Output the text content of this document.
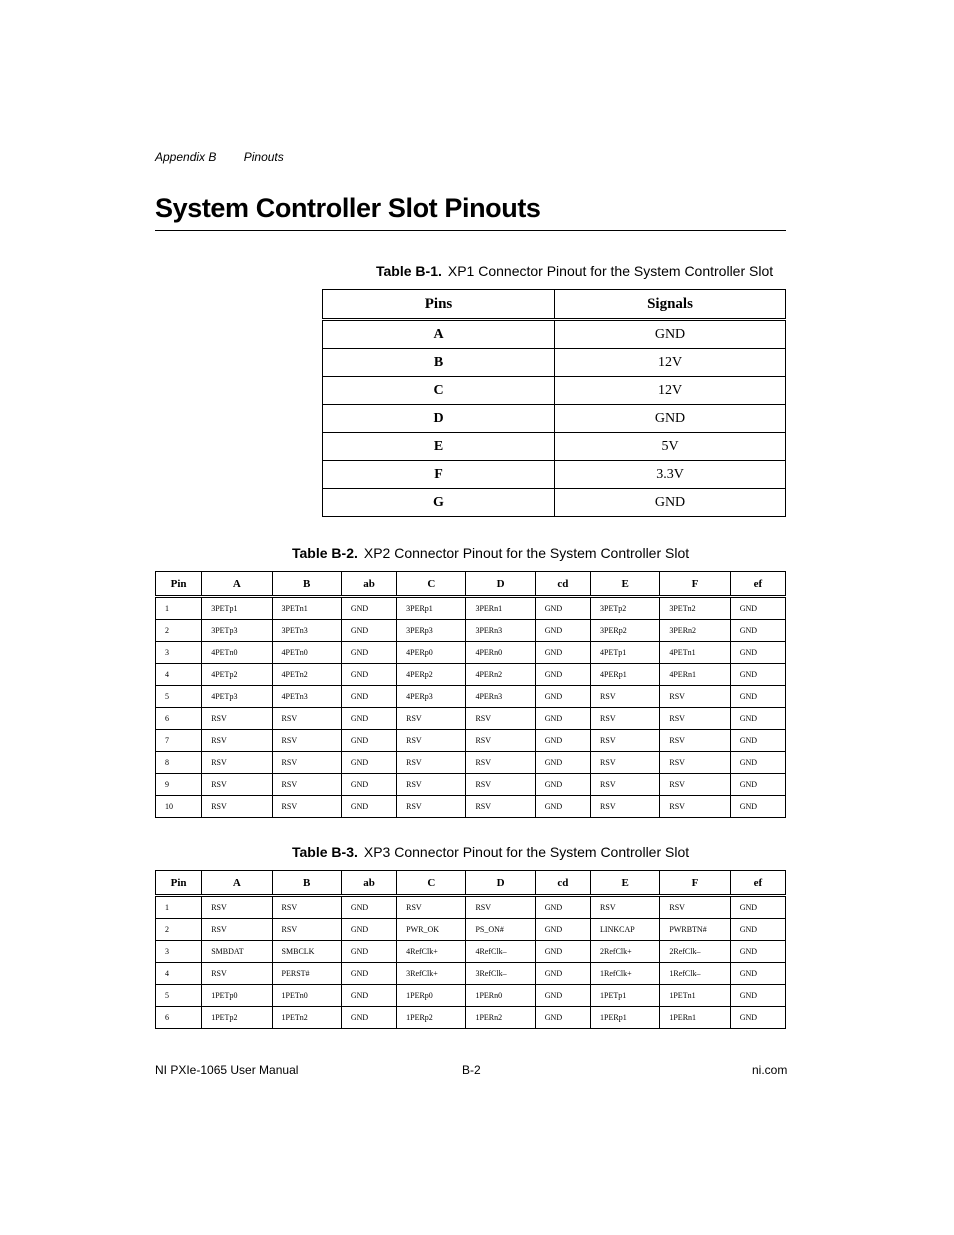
Appendix B Pinouts
System Controller Slot Pinouts
Table B-1. XP1 Connector Pinout for the System Controller Slot
Pins	Signals
A	GND
B	12V
C	12V
D	GND
E	5V
F	3.3V
G	GND
Table B-2. XP2 Connector Pinout for the System Controller Slot
Pin	A	B	ab	C	D	cd	E	F	ef
1	3PETp1	3PETn1	GND	3PERp1	3PERn1	GND	3PETp2	3PETn2	GND
2	3PETp3	3PETn3	GND	3PERp3	3PERn3	GND	3PERp2	3PERn2	GND
3	4PETn0	4PETn0	GND	4PERp0	4PERn0	GND	4PETp1	4PETn1	GND
4	4PETp2	4PETn2	GND	4PERp2	4PERn2	GND	4PERp1	4PERn1	GND
5	4PETp3	4PETn3	GND	4PERp3	4PERn3	GND	RSV	RSV	GND
6	RSV	RSV	GND	RSV	RSV	GND	RSV	RSV	GND
7	RSV	RSV	GND	RSV	RSV	GND	RSV	RSV	GND
8	RSV	RSV	GND	RSV	RSV	GND	RSV	RSV	GND
9	RSV	RSV	GND	RSV	RSV	GND	RSV	RSV	GND
10	RSV	RSV	GND	RSV	RSV	GND	RSV	RSV	GND
Table B-3. XP3 Connector Pinout for the System Controller Slot
Pin	A	B	ab	C	D	cd	E	F	ef
1	RSV	RSV	GND	RSV	RSV	GND	RSV	RSV	GND
2	RSV	RSV	GND	PWR_OK	PS_ON#	GND	LINKCAP	PWRBTN#	GND
3	SMBDAT	SMBCLK	GND	4RefClk+	4RefClk–	GND	2RefClk+	2RefClk–	GND
4	RSV	PERST#	GND	3RefClk+	3RefClk–	GND	1RefClk+	1RefClk–	GND
5	1PETp0	1PETn0	GND	1PERp0	1PERn0	GND	1PETp1	1PETn1	GND
6	1PETp2	1PETn2	GND	1PERp2	1PERn2	GND	1PERp1	1PERn1	GND
NI PXIe-1065 User Manual	B-2	ni.com
